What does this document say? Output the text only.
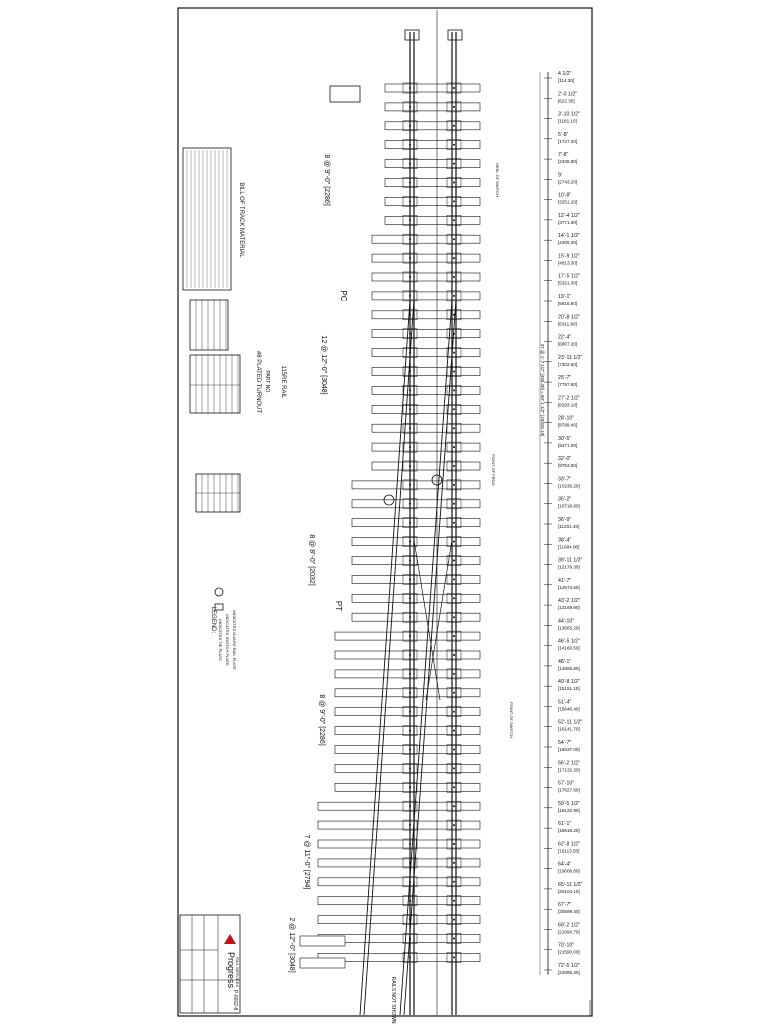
4 1/2"
[114.30]
2'-0 1/2"
[622.30]
3'-10 1/2"
[1181.10]
5'-8"
[1727.20]
7'-8"
[2336.80]
9'
[2743.20]
10'-8"
[3251.20]
12'-4 1/2"
[3771.90]
14'-1 1/2"
[4305.30]
15'-9 1/2"
[4813.30]
17'-5 1/2"
[5321.30]
19'-1"
[5816.60]
20'-8 1/2"
[6311.90]
22'-4"
[6807.20]
23'-11 1/2"
[7302.50]
25'-7"
[7797.80]
27'-2 1/2"
[8293.10]
28'-10"
[8788.40]
30'-5"
[9271.00]
32'-0"
[9753.60]
33'-7"
[10236.20]
35'-2"
[10718.80]
36'-9"
[11201.40]
38'-4"
[11684.00]
39'-11 1/2"
[12179.30]
41'-7"
[12674.60]
43'-2 1/2"
[13169.90]
44'-10"
[13665.20]
46'-5 1/2"
[14160.50]
48'-1"
[14655.80]
49'-8 1/2"
[15151.10]
51'-4"
[15646.40]
52'-11 1/2"
[16141.70]
54'-7"
[16637.00]
56'-2 1/2"
[17132.30]
57'-10"
[17627.60]
59'-5 1/2"
[18122.90]
61'-1"
[18618.20]
62'-8 1/2"
[19113.50]
64'-4"
[19608.80]
65'-11 1/2"
[20104.10]
67'-7"
[20599.40]
69'-2 1/2"
[21094.70]
70'-10"
[21590.00]
72'-5 1/2"
[22085.30]
BILL OF TRACK MATERIAL
#8 PLATED TURNOUT PART NO. 115RE RAIL
LEGEND: INDICATES TIE PLATE INDICATES SWITCH PLATE INDICATES GUARD RAIL PLATE
Progress RAIL SERVICES
P-0002-8
2 @ 12"-0" [3048]
7 @ 11"-0" [2794]
8 @ 9"-0" [2286]
8 @ 8"-0" [2032]
12 @ 12"-0" [3048]
8 @ 9"-0" [2286]
PC
PT
37 @ 1'-7 1/2" [495.30] = 60'-1 1/2" [18326.10]
HEEL OF SWITCH
POINT OF SWITCH
POINT OF FROG
RAILS NOT SHOWN
